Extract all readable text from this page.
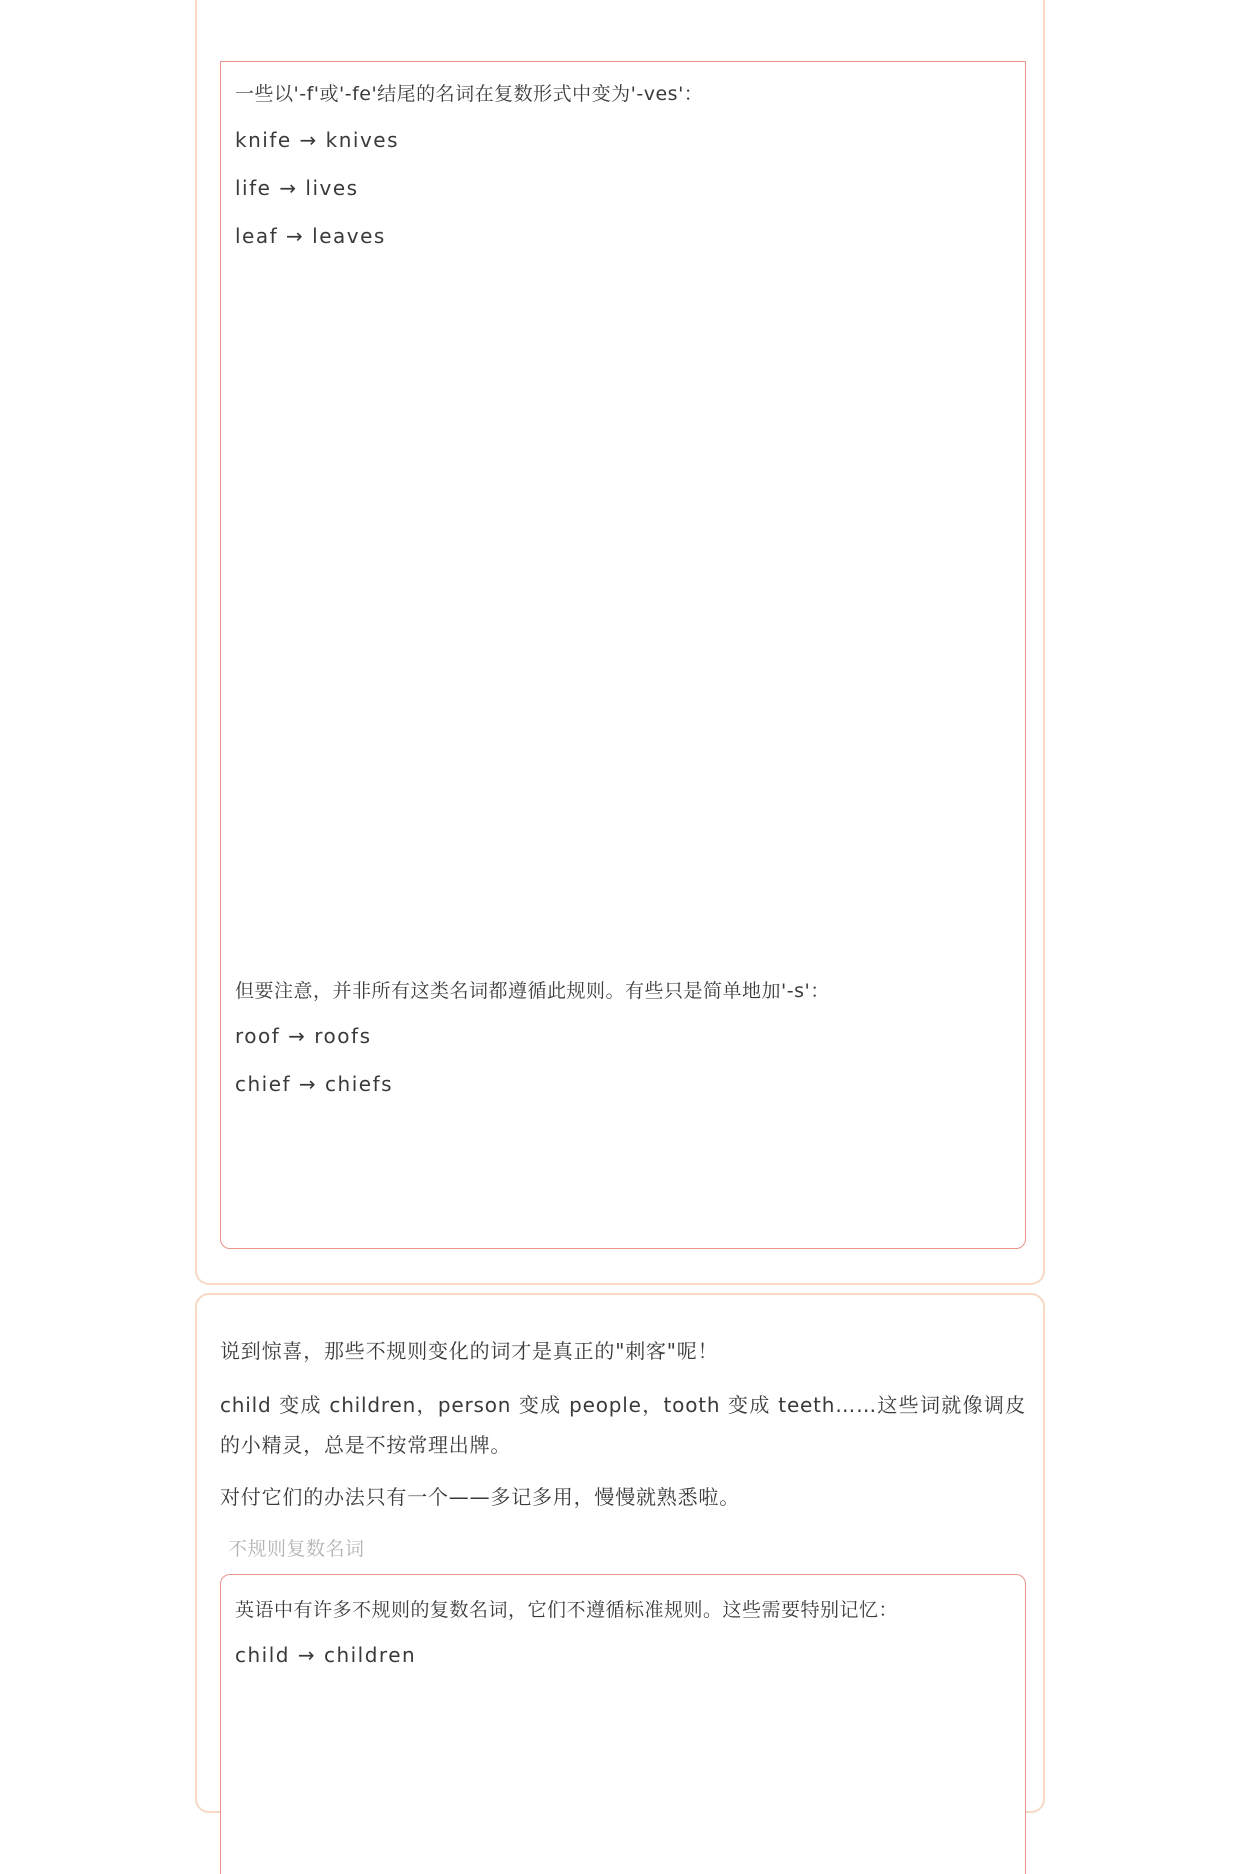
一些以'-f'或'-fe'结尾的名词在复数形式中变为'-ves'：
knife → knives
life → lives
leaf → leaves
但要注意，并非所有这类名词都遵循此规则。有些只是简单地加'-s'：
roof → roofs
chief → chiefs
说到惊喜，那些不规则变化的词才是真正的"刺客"呢！
child 变成 children，person 变成 people，tooth 变成 teeth……这些词就像调皮的小精灵，总是不按常理出牌。
对付它们的办法只有一个——多记多用，慢慢就熟悉啦。
不规则复数名词
英语中有许多不规则的复数名词，它们不遵循标准规则。这些需要特别记忆：
child → children
